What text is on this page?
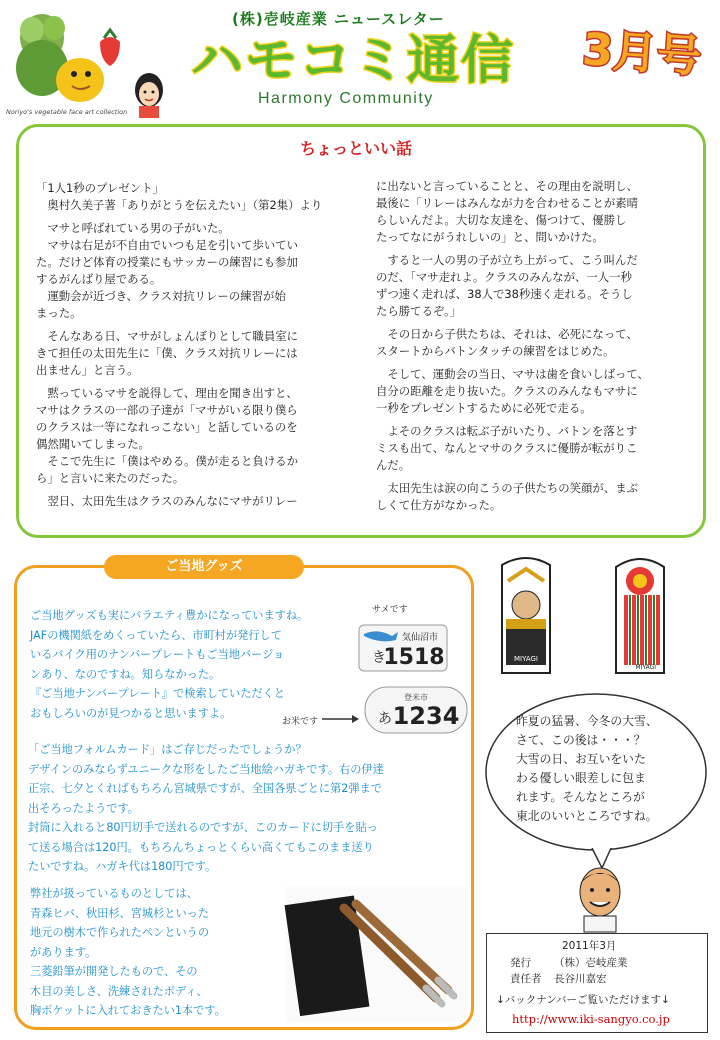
Noriyo's vegetable face art collection
(株)壱岐産業 ニュースレター
ハモコミ通信
Harmony Community
3月号
ちょっといい話

「1人1秒のプレゼント」

　奥村久美子著「ありがとうを伝えたい」（第2集）より

　マサと呼ばれている男の子がいた。

　マサは右足が不自由でいつも足を引いて歩いてい

た。だけど体育の授業にもサッカーの練習にも参加

するがんばり屋である。

　運動会が近づき、クラス対抗リレーの練習が始

まった。

　そんなある日、マサがしょんぼりとして職員室に

きて担任の太田先生に「僕、クラス対抗リレーには

出ません」と言う。

　黙っているマサを説得して、理由を聞き出すと、

マサはクラスの一部の子達が「マサがいる限り僕ら

のクラスは一等になれっこない」と話しているのを

偶然聞いてしまった。

　そこで先生に「僕はやめる。僕が走ると負けるか

ら」と言いに来たのだった。

　翌日、太田先生はクラスのみんなにマサがリレー

に出ないと言っていることと、その理由を説明し、

最後に「リレーはみんなが力を合わせることが素晴

らしいんだよ。大切な友達を、傷つけて、優勝し

たってなにがうれしいの」と、問いかけた。

　すると一人の男の子が立ち上がって、こう叫んだ

のだ、「マサ走れよ。クラスのみんなが、一人一秒

ずつ速く走れば、38人で38秒速く走れる。そうし

たら勝てるぞ。」

　その日から子供たちは、それは、必死になって、

スタートからバトンタッチの練習をはじめた。

　そして、運動会の当日、マサは歯を食いしばって、

自分の距離を走り抜いた。クラスのみんなもマサに

一秒をプレゼントするために必死で走る。

　よそのクラスは転ぶ子がいたり、バトンを落とす

ミスも出て、なんとマサのクラスに優勝が転がりこ

んだ。

　太田先生は涙の向こうの子供たちの笑顔が、まぶ

しくて仕方がなかった。

ご当地グッズ

ご当地グッズも実にバラエティ豊かになっていますね。

JAFの機関紙をめくっていたら、市町村が発行して

いるバイク用のナンバープレートもご当地バージョ

ンあり、なのですね。知らなかった。

『ご当地ナンバープレート』で検索していただくと

おもしろいのが見つかると思いますよ。

「ご当地フォルムカード」はご存じだったでしょうか？

デザインのみならずユニークな形をしたご当地絵ハガキです。右の伊達

正宗、七夕とくればもちろん宮城県ですが、全国各県ごとに第2弾まで

出そろったようです。

封筒に入れると80円切手で送れるのですが、このカードに切手を貼っ

て送る場合は120円。もちろんちょっとくらい高くてもこのまま送り

たいですね。ハガキ代は180円です。

弊社が扱っているものとしては、

青森ヒバ、秋田杉、宮城杉といった

地元の樹木で作られたペンというの

があります。

三菱鉛筆が開発したもので、その

木目の美しさ、洗練されたボディ、

胸ポケットに入れておきたい1本です。

サメです
気仙沼市
き
1518
お米です
登米市
あ 1234
MIYAGI
MIYAGI

昨夏の猛暑、今冬の大雪、

さて、この後は・・・？

大雪の日、お互いをいた

わる優しい眼差しに包ま

れます。そんなところが

東北のいいところですね。

2011年3月
発行 （株）壱岐産業
責任者 長谷川嘉宏
↓バックナンバーご覧いただけます↓
http://www.iki-sangyo.co.jp
